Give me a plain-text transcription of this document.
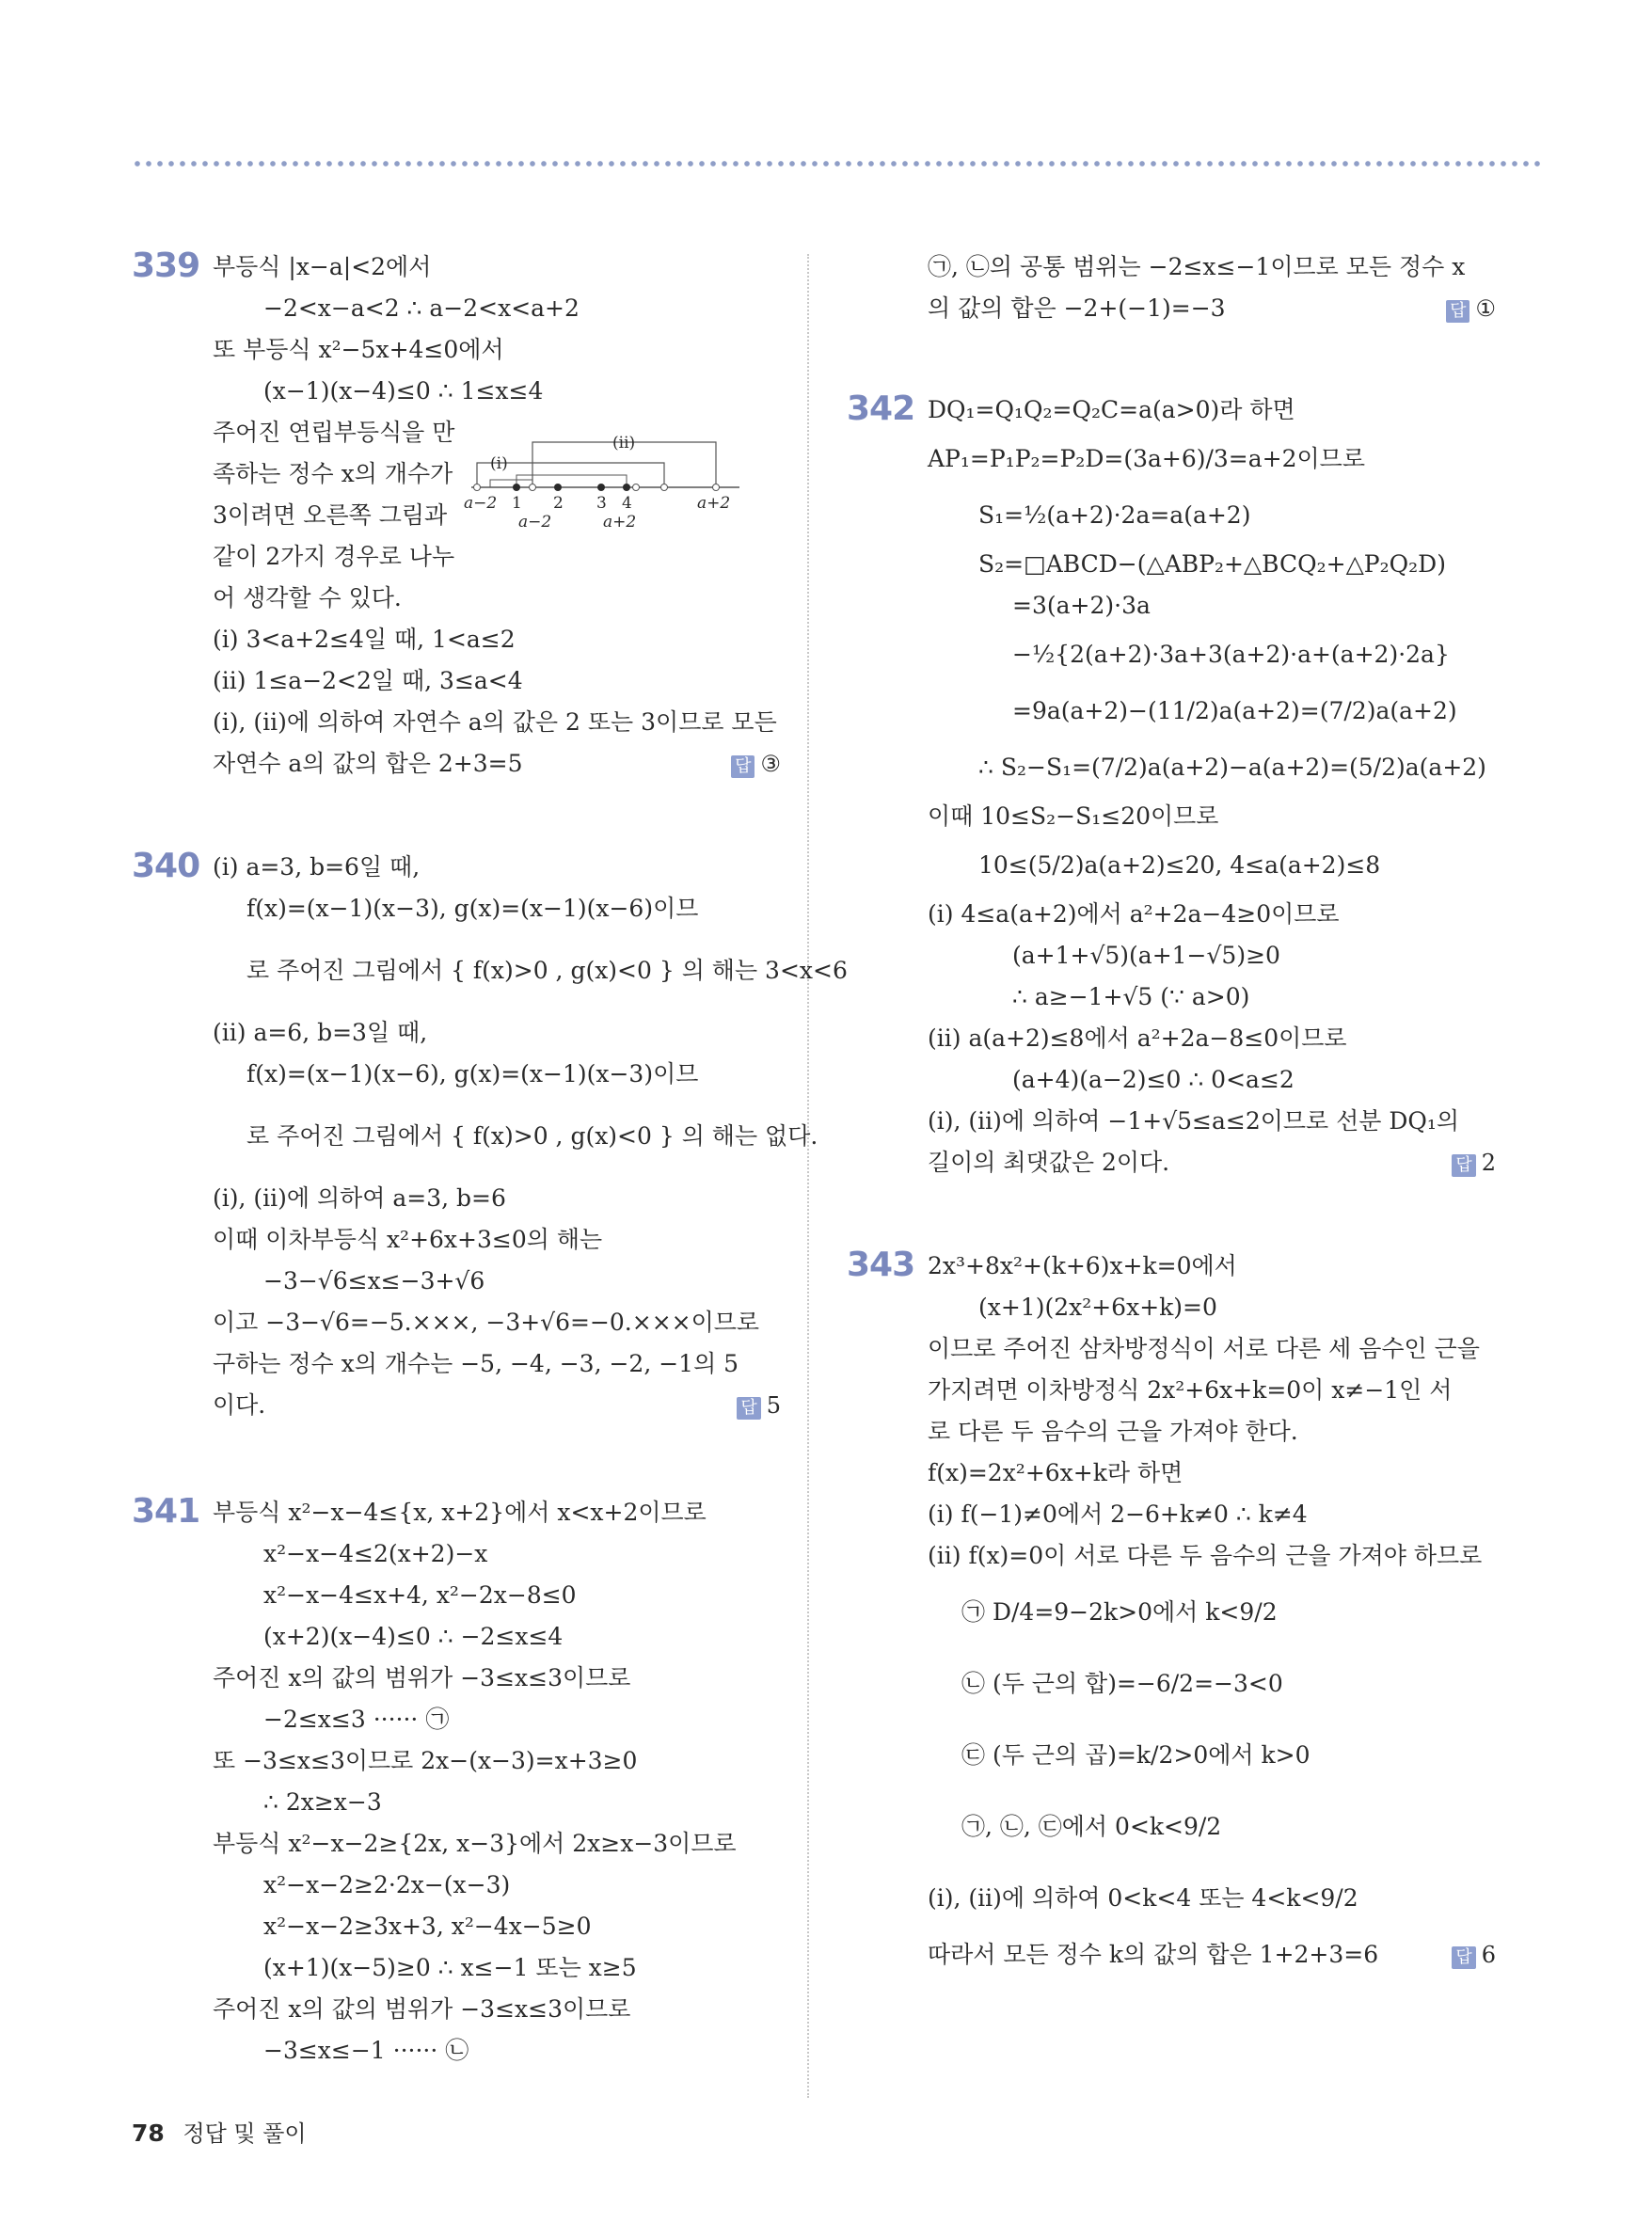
339 부등식 |x−a|<2에서
−2<x−a<2 ∴ a−2<x<a+2
또 부등식 x²−5x+4≤0에서
(x−1)(x−4)≤0 ∴ 1≤x≤4
주어진 연립부등식을 만
족하는 정수 x의 개수가
3이려면 오른쪽 그림과
같이 2가지 경우로 나누
어 생각할 수 있다.
(i)
(ii)
a−2 1 2 3 4	a+2
a−2	a+2
(i) 3<a+2≤4일 때, 1<a≤2
(ii) 1≤a−2<2일 때, 3≤a<4
(i), (ii)에 의하여 자연수 a의 값은 2 또는 3이므로 모든
자연수 a의 값의 합은 2+3=5	답 ③
340 (i) a=3, b=6일 때,
f(x)=(x−1)(x−3), g(x)=(x−1)(x−6)이므
로 주어진 그림에서 { f(x)>0 , g(x)<0 } 의 해는 3<x<6
(ii) a=6, b=3일 때,
f(x)=(x−1)(x−6), g(x)=(x−1)(x−3)이므
로 주어진 그림에서 { f(x)>0 , g(x)<0 } 의 해는 없다.
(i), (ii)에 의하여 a=3, b=6
이때 이차부등식 x²+6x+3≤0의 해는
−3−√6≤x≤−3+√6
이고 −3−√6=−5.×××, −3+√6=−0.×××이므로
구하는 정수 x의 개수는 −5, −4, −3, −2, −1의 5
이다.	답 5
341 부등식 x²−x−4≤{x, x+2}에서 x<x+2이므로
x²−x−4≤2(x+2)−x
x²−x−4≤x+4, x²−2x−8≤0
(x+2)(x−4)≤0 ∴ −2≤x≤4
주어진 x의 값의 범위가 −3≤x≤3이므로
−2≤x≤3 ······ ㉠
또 −3≤x≤3이므로 2x−(x−3)=x+3≥0
∴ 2x≥x−3
부등식 x²−x−2≥{2x, x−3}에서 2x≥x−3이므로
x²−x−2≥2·2x−(x−3)
x²−x−2≥3x+3, x²−4x−5≥0
(x+1)(x−5)≥0 ∴ x≤−1 또는 x≥5
주어진 x의 값의 범위가 −3≤x≤3이므로
−3≤x≤−1 ······ ㉡
㉠, ㉡의 공통 범위는 −2≤x≤−1이므로 모든 정수 x
의 값의 합은 −2+(−1)=−3	답 ①
342 DQ₁=Q₁Q₂=Q₂C=a(a>0)라 하면
AP₁=P₁P₂=P₂D=(3a+6)/3=a+2이므로
S₁=½(a+2)·2a=a(a+2)
S₂=□ABCD−(△ABP₂+△BCQ₂+△P₂Q₂D)
=3(a+2)·3a
−½{2(a+2)·3a+3(a+2)·a+(a+2)·2a}
=9a(a+2)−(11/2)a(a+2)=(7/2)a(a+2)
∴ S₂−S₁=(7/2)a(a+2)−a(a+2)=(5/2)a(a+2)
이때 10≤S₂−S₁≤20이므로
10≤(5/2)a(a+2)≤20, 4≤a(a+2)≤8
(i) 4≤a(a+2)에서 a²+2a−4≥0이므로
(a+1+√5)(a+1−√5)≥0
∴ a≥−1+√5 (∵ a>0)
(ii) a(a+2)≤8에서 a²+2a−8≤0이므로
(a+4)(a−2)≤0 ∴ 0<a≤2
(i), (ii)에 의하여 −1+√5≤a≤2이므로 선분 DQ₁의
길이의 최댓값은 2이다.	답 2
343 2x³+8x²+(k+6)x+k=0에서
(x+1)(2x²+6x+k)=0
이므로 주어진 삼차방정식이 서로 다른 세 음수인 근을
가지려면 이차방정식 2x²+6x+k=0이 x≠−1인 서
로 다른 두 음수의 근을 가져야 한다.
f(x)=2x²+6x+k라 하면
(i) f(−1)≠0에서 2−6+k≠0 ∴ k≠4
(ii) f(x)=0이 서로 다른 두 음수의 근을 가져야 하므로
㉠ D/4=9−2k>0에서 k<9/2
㉡ (두 근의 합)=−6/2=−3<0
㉢ (두 근의 곱)=k/2>0에서 k>0
㉠, ㉡, ㉢에서 0<k<9/2
(i), (ii)에 의하여 0<k<4 또는 4<k<9/2
따라서 모든 정수 k의 값의 합은 1+2+3=6	답 6
78 정답 및 풀이
